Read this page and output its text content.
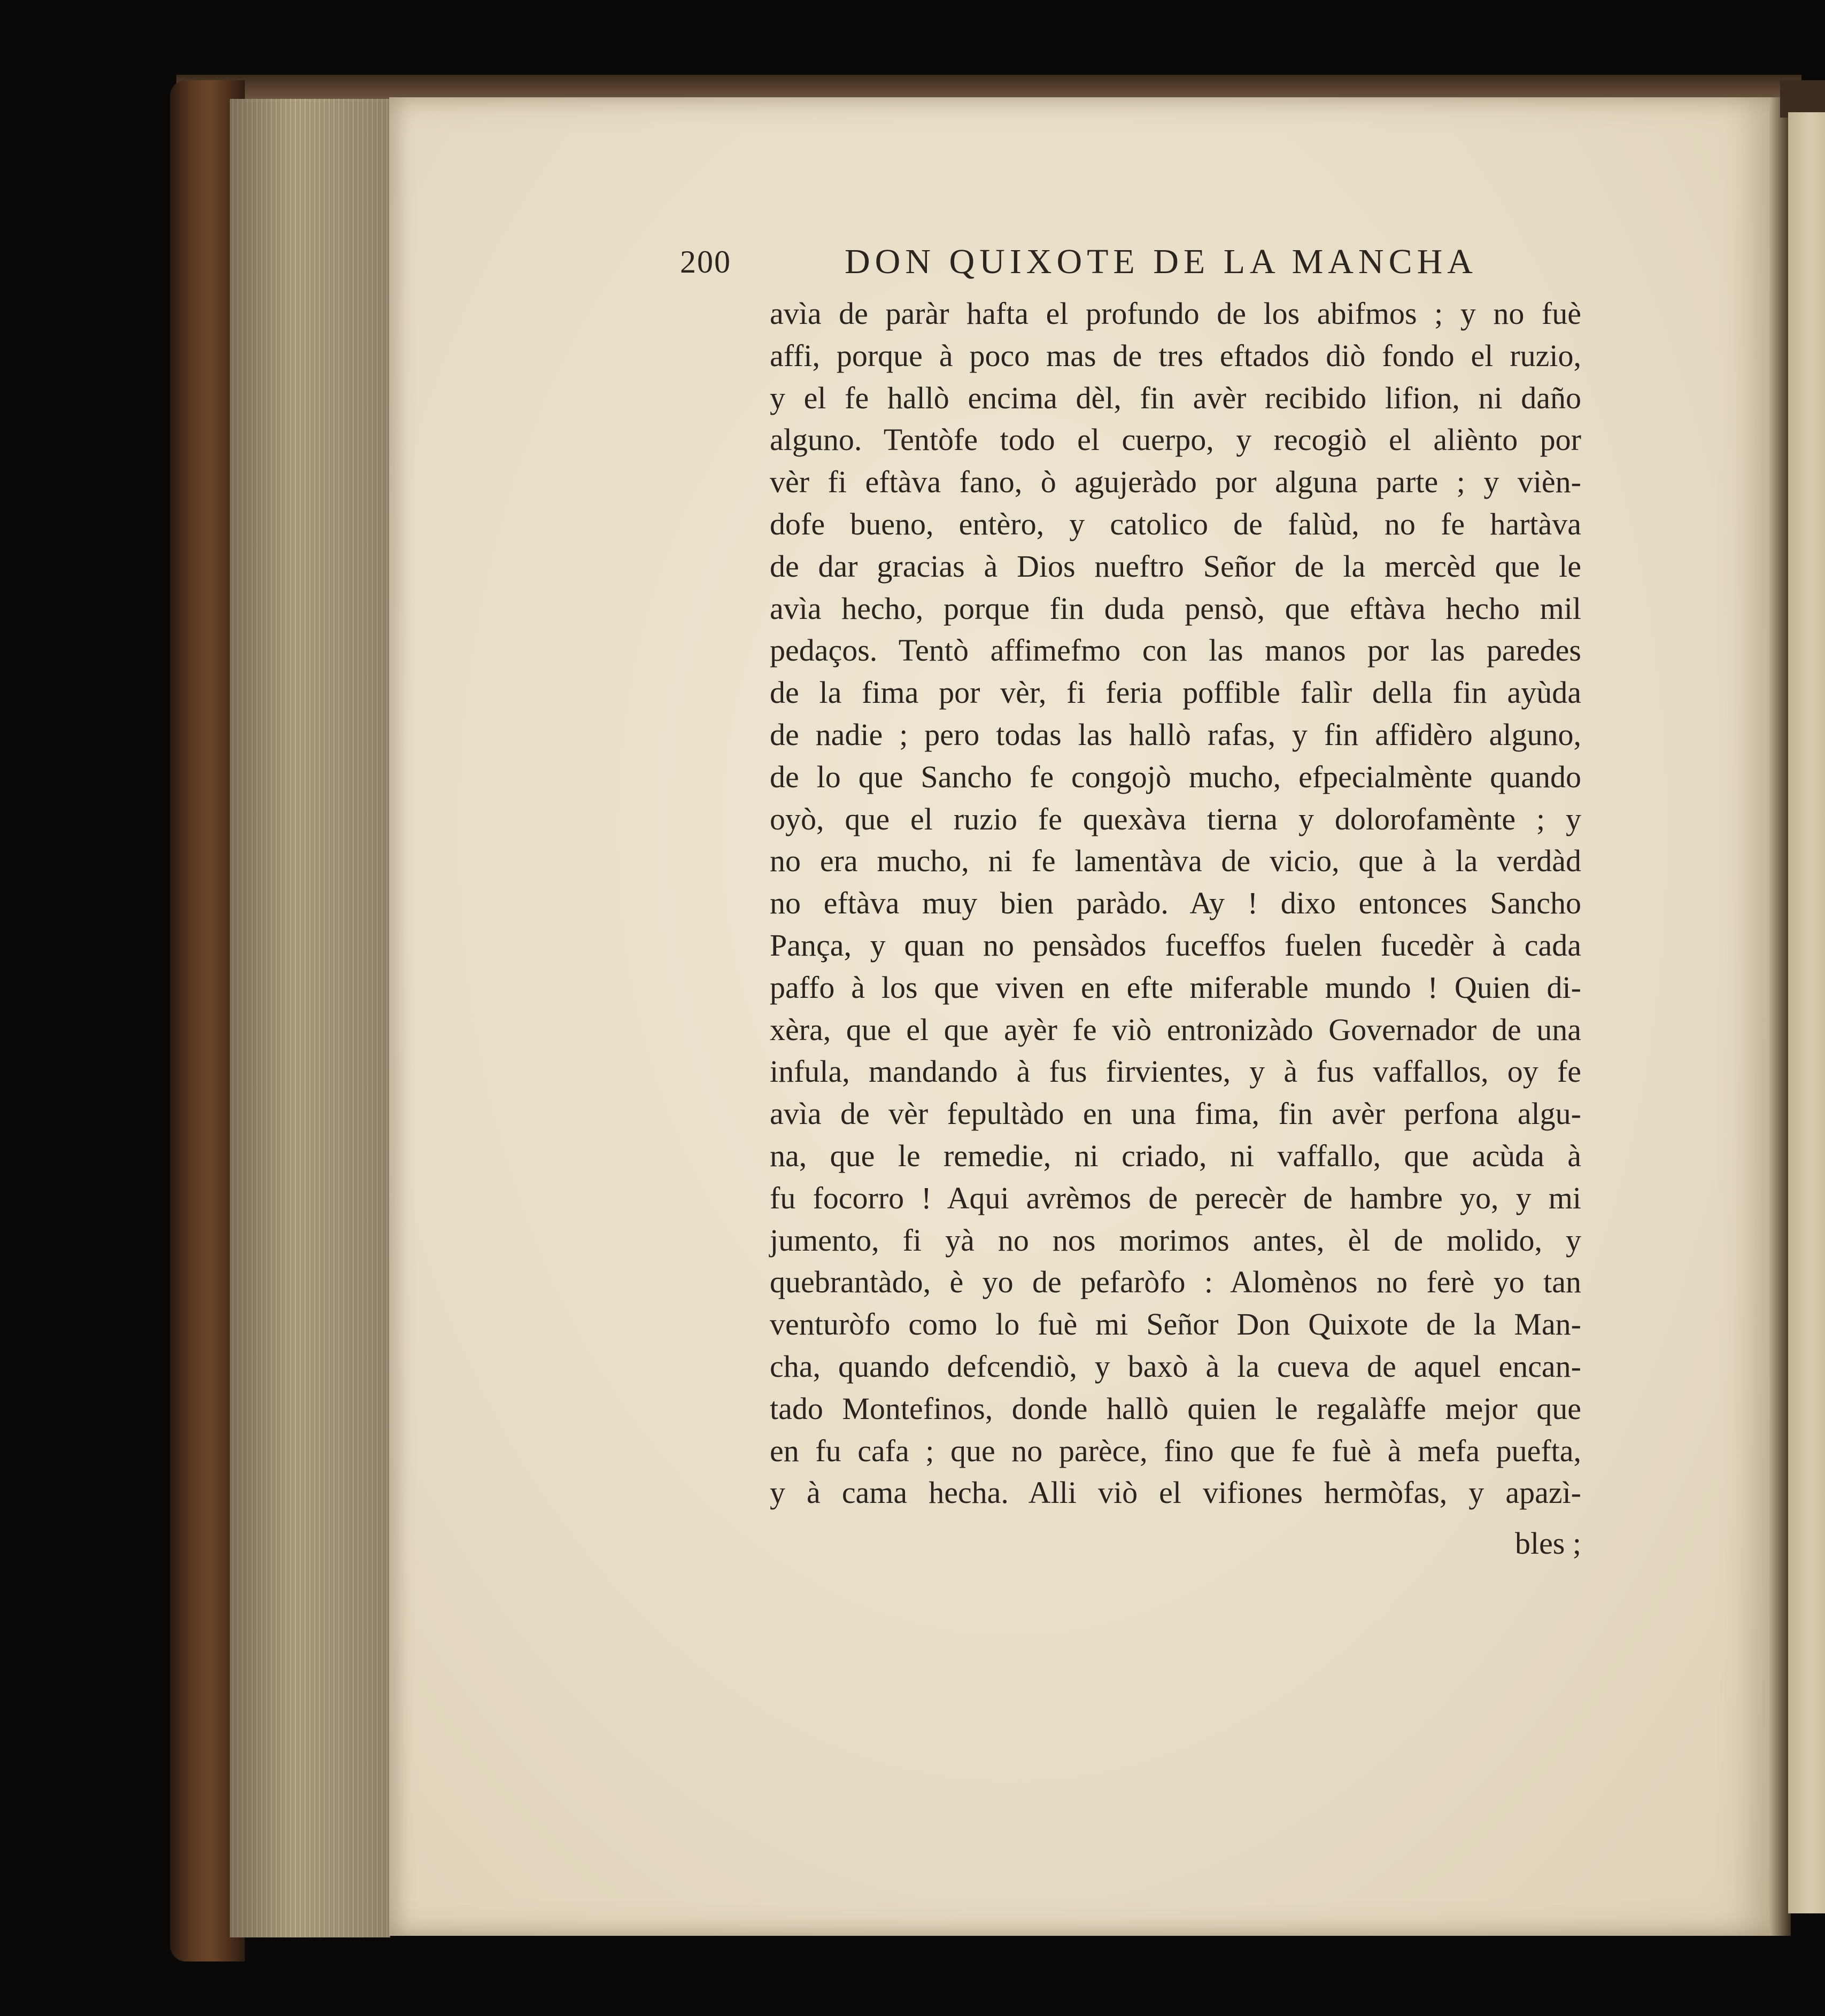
200	DON QUIXOTE DE LA MANCHA
avìa de paràr hafta el profundo de los abifmos ; y no fuè
affi, porque à poco mas de tres eftados diò fondo el ruzio,
y el fe hallò encima dèl, fin avèr recibido lifion, ni daño
alguno. Tentòfe todo el cuerpo, y recogiò el aliènto por
vèr fi eftàva fano, ò agujeràdo por alguna parte ; y vièn-
dofe bueno, entèro, y catolico de falùd, no fe hartàva
de dar gracias à Dios nueftro Señor de la mercèd que le
avìa hecho, porque fin duda pensò, que eftàva hecho mil
pedaços. Tentò affimefmo con las manos por las paredes
de la fima por vèr, fi feria poffible falìr della fin ayùda
de nadie ; pero todas las hallò rafas, y fin affidèro alguno,
de lo que Sancho fe congojò mucho, efpecialmènte quando
oyò, que el ruzio fe quexàva tierna y dolorofamènte ; y
no era mucho, ni fe lamentàva de vicio, que à la verdàd
no eftàva muy bien paràdo. Ay ! dixo entonces Sancho
Pança, y quan no pensàdos fuceffos fuelen fucedèr à cada
paffo à los que viven en efte miferable mundo ! Quien di-
xèra, que el que ayèr fe viò entronizàdo Governador de una
infula, mandando à fus firvientes, y à fus vaffallos, oy fe
avìa de vèr fepultàdo en una fima, fin avèr perfona algu-
na, que le remedie, ni criado, ni vaffallo, que acùda à
fu focorro ! Aqui avrèmos de perecèr de hambre yo, y mi
jumento, fi yà no nos morimos antes, èl de molido, y
quebrantàdo, è yo de pefaròfo : Alomènos no ferè yo tan
venturòfo como lo fuè mi Señor Don Quixote de la Man-
cha, quando defcendiò, y baxò à la cueva de aquel encan-
tado Montefinos, donde hallò quien le regalàffe mejor que
en fu cafa ; que no parèce, fino que fe fuè à mefa puefta,
y à cama hecha. Alli viò el vifiones hermòfas, y apazì-
bles ;
